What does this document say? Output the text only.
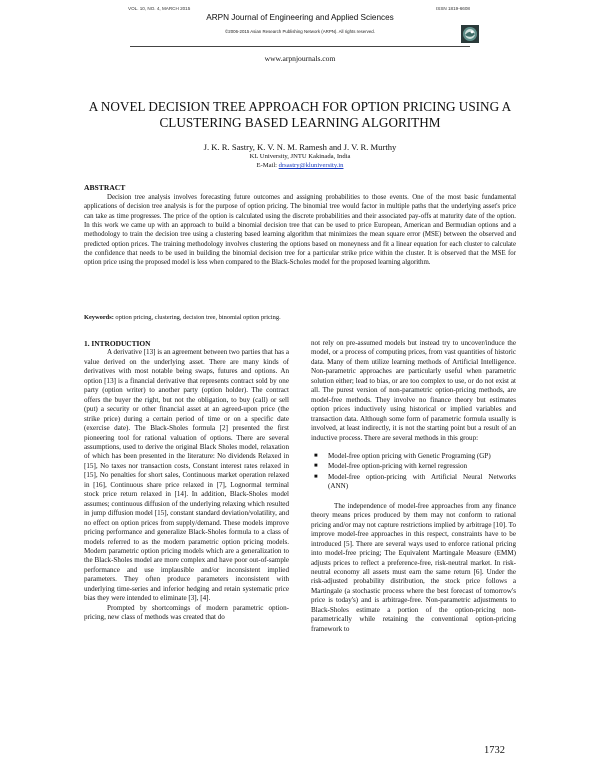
VOL. 10, NO. 4, MARCH 2015	ISSN 1819-6608
ARPN Journal of Engineering and Applied Sciences
©2006-2015 Asian Research Publishing Network (ARPN). All rights reserved.
www.arpnjournals.com
A NOVEL DECISION TREE APPROACH FOR OPTION PRICING USING A
CLUSTERING BASED LEARNING ALGORITHM
J. K. R. Sastry, K. V. N. M. Ramesh and J. V. R. Murthy
KL University, JNTU Kakinada, India
E-Mail: drsastry@kluniversity.in
ABSTRACT
Decision tree analysis involves forecasting future outcomes and assigning probabilities to those events. One of the most basic fundamental applications of decision tree analysis is for the purpose of option pricing. The binomial tree would factor in multiple paths that the underlying asset's price can take as time progresses. The price of the option is calculated using the discrete probabilities and their associated pay-offs at maturity date of the option. In this work we came up with an approach to build a binomial decision tree that can be used to price European, American and Bermudian options and a methodology to train the decision tree using a clustering based learning algorithm that minimizes the mean square error (MSE) between the observed and predicted option prices. The training methodology involves clustering the options based on moneyness and fit a linear equation for each cluster to calculate the confidence that needs to be used in building the binomial decision tree for a particular strike price within the cluster. It is observed that the MSE for option price using the proposed model is less when compared to the Black-Scholes model for the proposed learning algorithm.
Keywords: option pricing, clustering, decision tree, binomial option pricing.
1. INTRODUCTION
A derivative [13] is an agreement between two parties that has a value derived on the underlying asset. There are many kinds of derivatives with most notable being swaps, futures and options. An option [13] is a financial derivative that represents contract sold by one party (option writer) to another party (option holder). The contract offers the buyer the right, but not the obligation, to buy (call) or sell (put) a security or other financial asset at an agreed-upon price (the strike price) during a certain period of time or on a specific date (exercise date). The Black-Sholes formula [2] presented the first pioneering tool for rational valuation of options. There are several assumptions, used to derive the original Black Sholes model, relaxation of which has been presented in the literature: No dividends Relaxed in [15], No taxes nor transaction costs, Constant interest rates relaxed in [15], No penalties for short sales, Continuous market operation relaxed in [16], Continuous share price relaxed in [7], Lognormal terminal stock price return relaxed in [14]. In addition, Black-Sholes model assumes; continuous diffusion of the underlying relaxing which resulted in jump diffusion model [15], constant standard deviation/volatility, and no effect on option prices from supply/demand. These models improve pricing performance and generalize Black-Sholes formula to a class of models referred to as the modern parametric option pricing models. Modern parametric option pricing models which are a generalization to the Black-Sholes model are more complex and have poor out-of-sample performance and use implausible and/or inconsistent implied parameters. They often produce parameters inconsistent with underlying time-series and inferior hedging and retain systematic price bias they were intended to eliminate [3], [4].
Prompted by shortcomings of modern parametric option-pricing, new class of methods was created that do
not rely on pre-assumed models but instead try to uncover/induce the model, or a process of computing prices, from vast quantities of historic data. Many of them utilize learning methods of Artificial Intelligence. Non-parametric approaches are particularly useful when parametric solution either; lead to bias, or are too complex to use, or do not exist at all. The purest version of non-parametric option-pricing methods, are model-free methods. They involve no finance theory but estimates option prices inductively using historical or implied variables and transaction data. Although some form of parametric formula usually is involved, at least indirectly, it is not the starting point but a result of an inductive process. There are several methods in this group:
■ Model-free option pricing with Genetic Programing (GP)
■ Model-free option-pricing with kernel regression
■ Model-free option-pricing with Artificial Neural Networks (ANN)
The independence of model-free approaches from any finance theory means prices produced by them may not conform to rational pricing and/or may not capture restrictions implied by arbitrage [10]. To improve model-free approaches in this respect, constraints have to be introduced [5]. There are several ways used to enforce rational pricing into model-free pricing; The Equivalent Martingale Measure (EMM) adjusts prices to reflect a preference-free, risk-neutral market. In risk-neutral economy all assets must earn the same return [6]. Under the risk-adjusted probability distribution, the stock price follows a Martingale (a stochastic process where the best forecast of tomorrow's price is today's) and is arbitrage-free. Non-parametric adjustments to Black-Sholes estimate a portion of the option-pricing non-parametrically while retaining the conventional option-pricing framework to
1732
